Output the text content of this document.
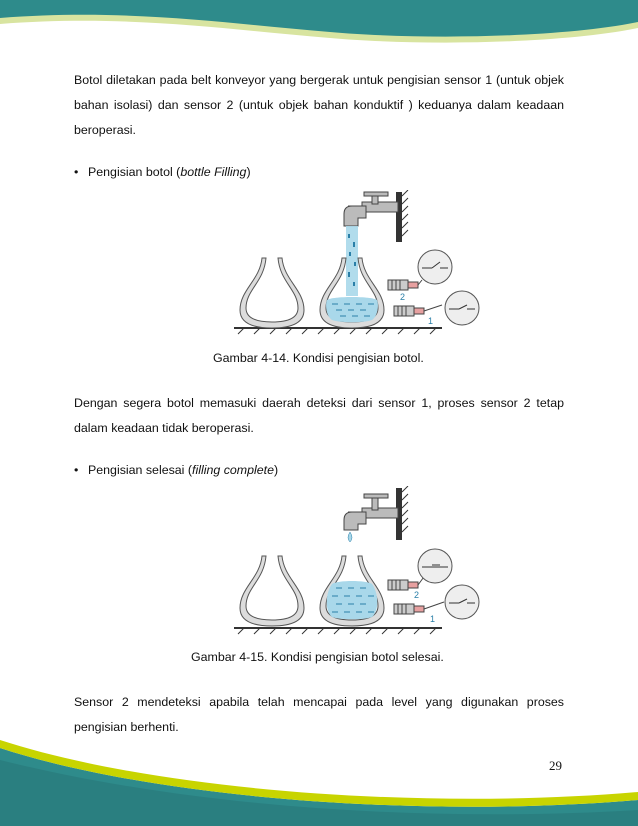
Botol diletakan pada belt konveyor yang bergerak untuk pengisian sensor 1 (untuk objek bahan isolasi) dan sensor 2 (untuk objek bahan konduktif ) keduanya dalam keadaan beroperasi.

• Pengisian botol (bottle Filling)
2
1
Gambar 4-14. Kondisi pengisian botol.

Dengan segera botol memasuki daerah deteksi dari sensor 1, proses sensor 2 tetap dalam keadaan tidak beroperasi.

• Pengisian selesai (filling complete)
2
1
Gambar 4-15. Kondisi pengisian botol selesai.

Sensor 2 mendeteksi apabila telah mencapai pada level yang digunakan proses pengisian berhenti.

29
